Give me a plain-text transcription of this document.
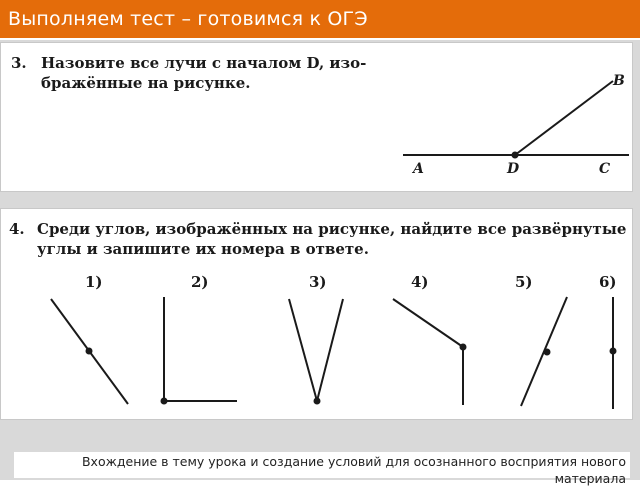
Выполняем тест – готовимся к ОГЭ
3. Назовите все лучи с началом D, изо-бражённые на рисунке.
A	D	C
B
4. Среди углов, изображённых на рисунке, найдите все развёрнутые углы и запишите их номера в ответе.
1)	2)	3)	4)	5)	6)
Вхождение в тему урока и создание условий для осознанного восприятия нового материала
